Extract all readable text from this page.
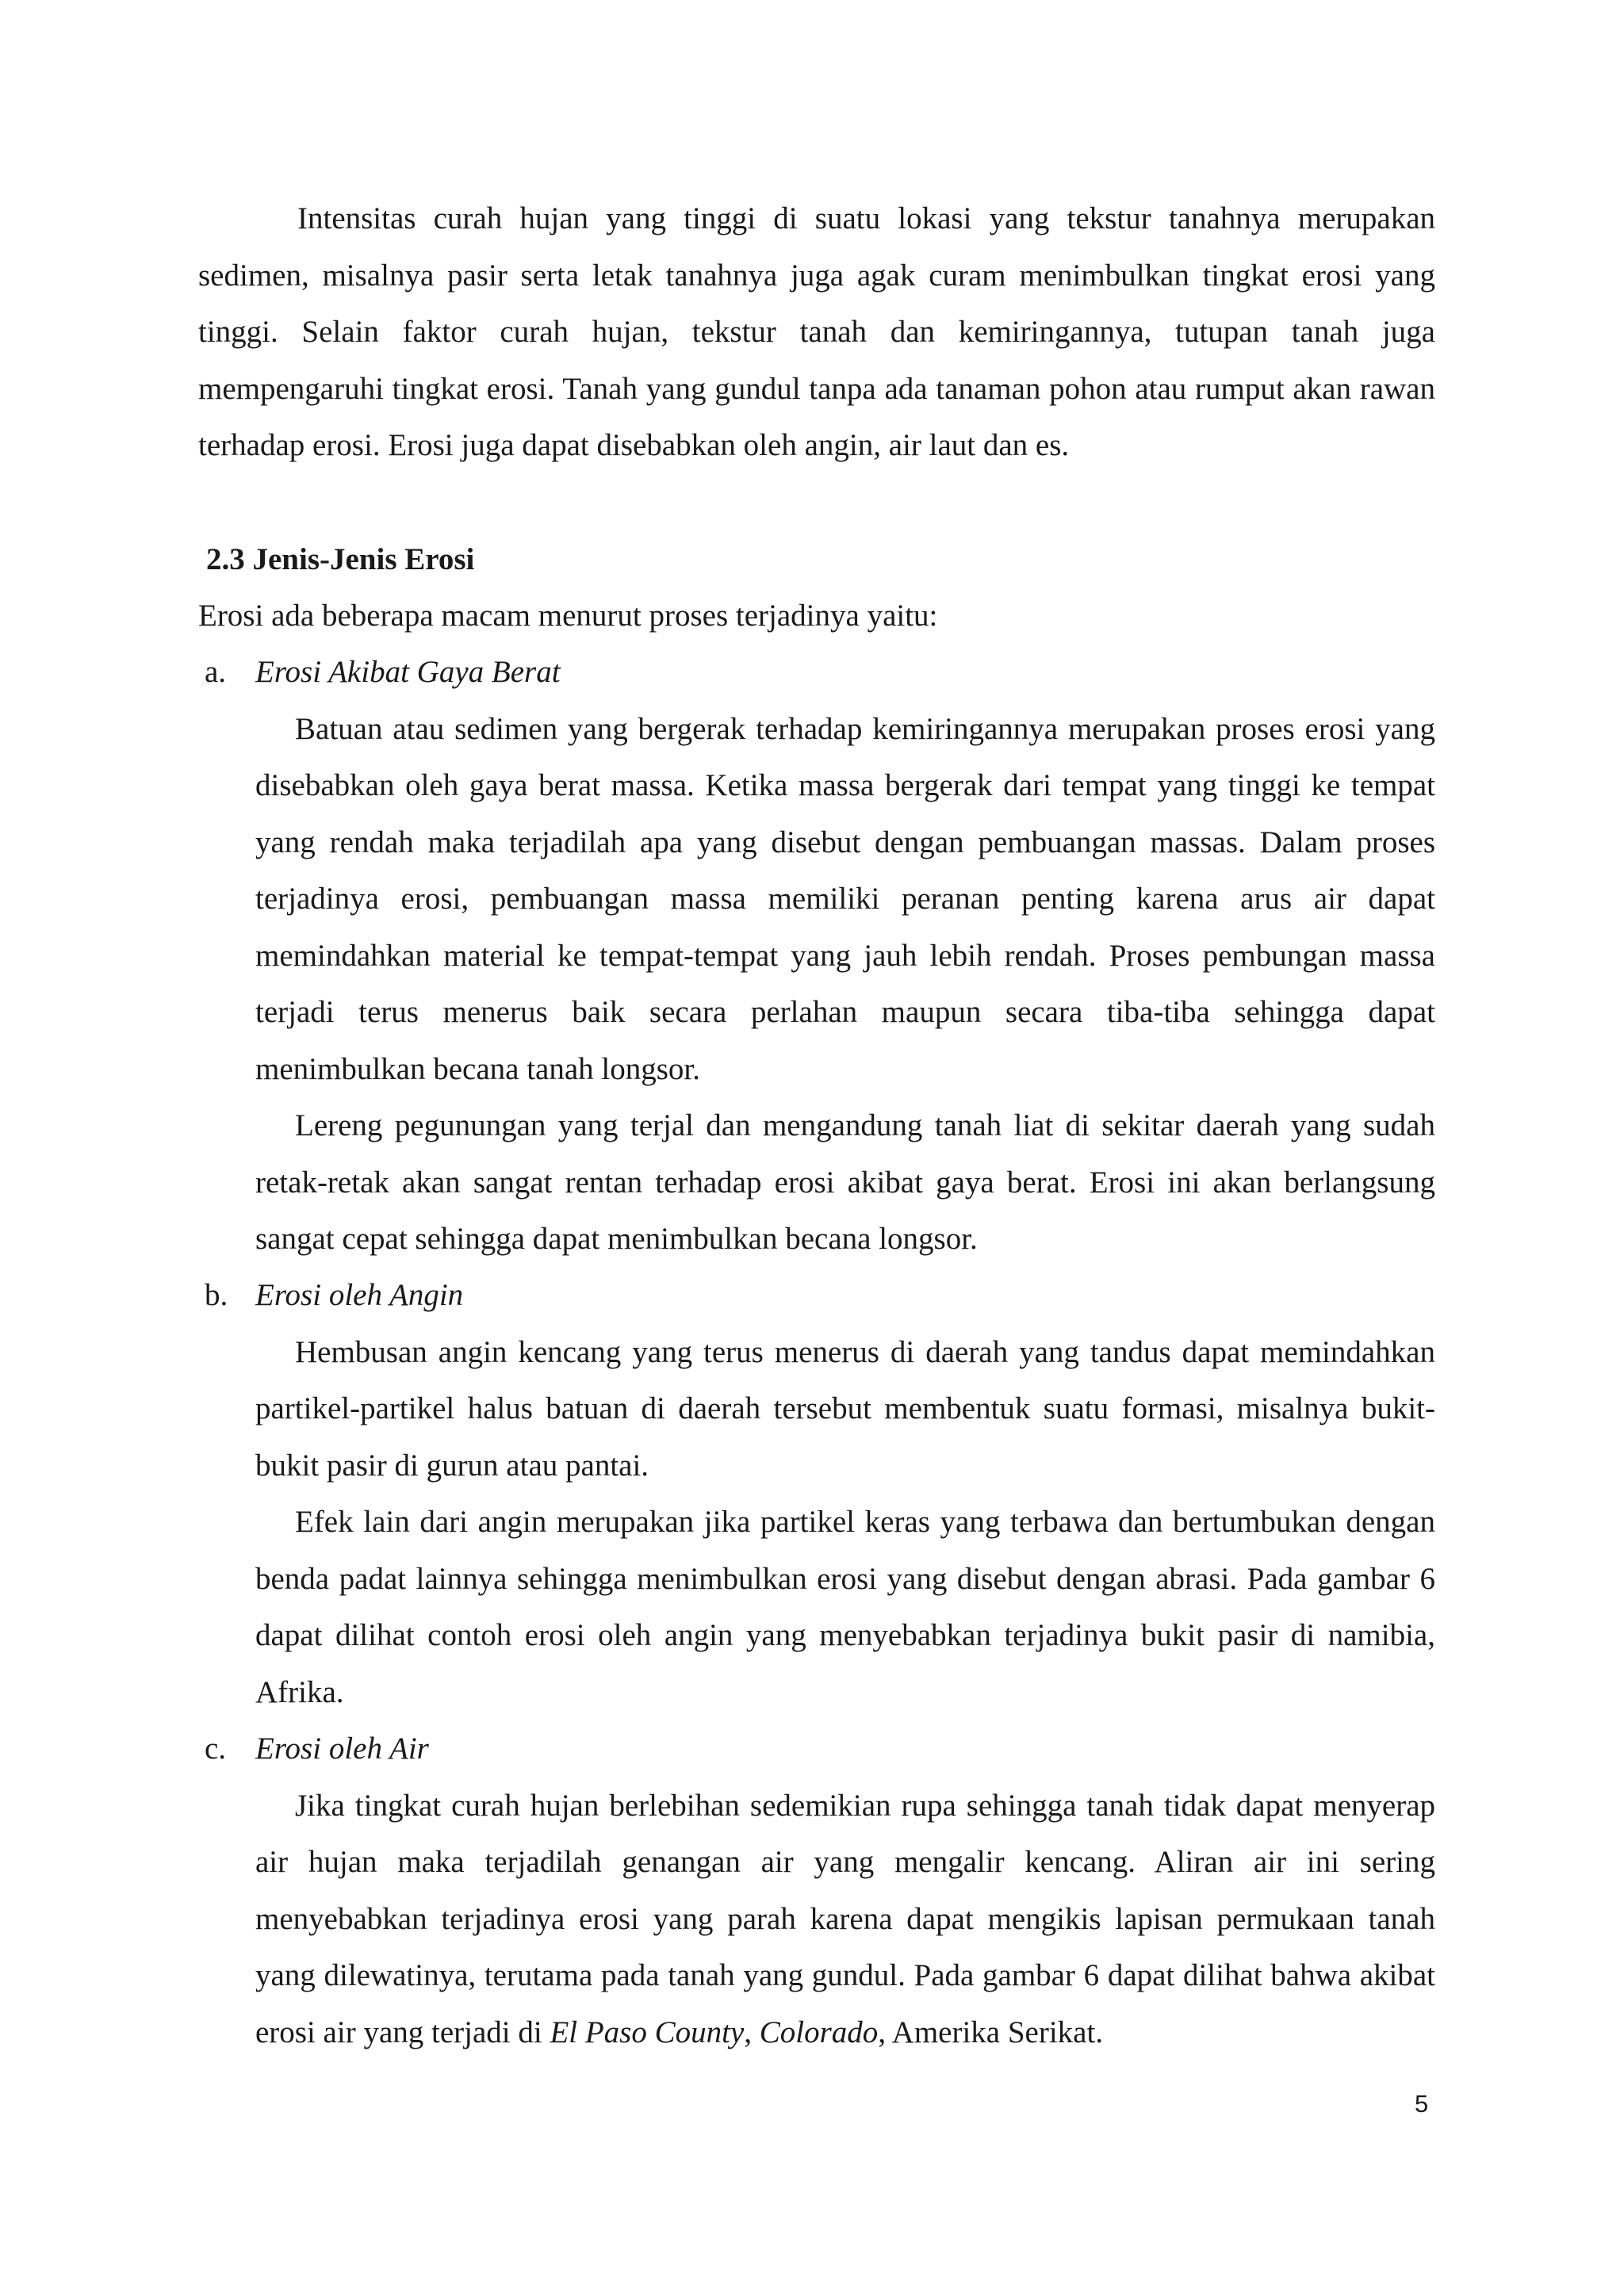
Intensitas curah hujan yang tinggi di suatu lokasi yang tekstur tanahnya merupakan sedimen, misalnya pasir serta letak tanahnya juga agak curam menimbulkan tingkat erosi yang tinggi. Selain faktor curah hujan, tekstur tanah dan kemiringannya, tutupan tanah juga mempengaruhi tingkat erosi. Tanah yang gundul tanpa ada tanaman pohon atau rumput akan rawan terhadap erosi. Erosi juga dapat disebabkan oleh angin, air laut dan es.

2.3 Jenis-Jenis Erosi

Erosi ada beberapa macam menurut proses terjadinya yaitu:

a. Erosi Akibat Gaya Berat

Batuan atau sedimen yang bergerak terhadap kemiringannya merupakan proses erosi yang disebabkan oleh gaya berat massa. Ketika massa bergerak dari tempat yang tinggi ke tempat yang rendah maka terjadilah apa yang disebut dengan pembuangan massas. Dalam proses terjadinya erosi, pembuangan massa memiliki peranan penting karena arus air dapat memindahkan material ke tempat-tempat yang jauh lebih rendah. Proses pembungan massa terjadi terus menerus baik secara perlahan maupun secara tiba-tiba sehingga dapat menimbulkan becana tanah longsor.

Lereng pegunungan yang terjal dan mengandung tanah liat di sekitar daerah yang sudah retak-retak akan sangat rentan terhadap erosi akibat gaya berat. Erosi ini akan berlangsung sangat cepat sehingga dapat menimbulkan becana longsor.

b. Erosi oleh Angin

Hembusan angin kencang yang terus menerus di daerah yang tandus dapat memindahkan partikel-partikel halus batuan di daerah tersebut membentuk suatu formasi, misalnya bukit-bukit pasir di gurun atau pantai.

Efek lain dari angin merupakan jika partikel keras yang terbawa dan bertumbukan dengan benda padat lainnya sehingga menimbulkan erosi yang disebut dengan abrasi. Pada gambar 6 dapat dilihat contoh erosi oleh angin yang menyebabkan terjadinya bukit pasir di namibia, Afrika.

c. Erosi oleh Air

Jika tingkat curah hujan berlebihan sedemikian rupa sehingga tanah tidak dapat menyerap air hujan maka terjadilah genangan air yang mengalir kencang. Aliran air ini sering menyebabkan terjadinya erosi yang parah karena dapat mengikis lapisan permukaan tanah yang dilewatinya, terutama pada tanah yang gundul. Pada gambar 6 dapat dilihat bahwa akibat erosi air yang terjadi di El Paso County, Colorado, Amerika Serikat.

5
